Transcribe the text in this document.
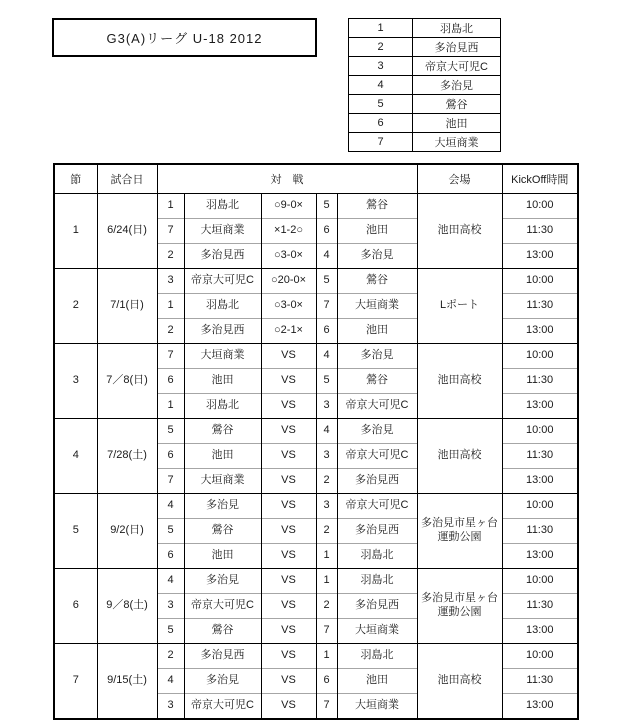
G3(A)リーグ U-18 2012
1	羽島北
2	多治見西
3	帝京大可児C
4	多治見
5	鶯谷
6	池田
7	大垣商業
節	試合日	対　戦					会場	KickOff時間
1	6/24(日)	1	羽島北	○9-0×	5	鶯谷	池田高校	10:00
		7	大垣商業	×1-2○	6	池田		11:30
		2	多治見西	○3-0×	4	多治見		13:00
2	7/1(日)	3	帝京大可児C	○20-0×	5	鶯谷	Lポート	10:00
		1	羽島北	○3-0×	7	大垣商業		11:30
		2	多治見西	○2-1×	6	池田		13:00
3	7／8(日)	7	大垣商業	VS	4	多治見	池田高校	10:00
		6	池田	VS	5	鶯谷		11:30
		1	羽島北	VS	3	帝京大可児C		13:00
4	7/28(土)	5	鶯谷	VS	4	多治見	池田高校	10:00
		6	池田	VS	3	帝京大可児C		11:30
		7	大垣商業	VS	2	多治見西		13:00
5	9/2(日)	4	多治見	VS	3	帝京大可児C	多治見市星ヶ台運動公園	10:00
		5	鶯谷	VS	2	多治見西		11:30
		6	池田	VS	1	羽島北		13:00
6	9／8(土)	4	多治見	VS	1	羽島北	多治見市星ヶ台運動公園	10:00
		3	帝京大可児C	VS	2	多治見西		11:30
		5	鶯谷	VS	7	大垣商業		13:00
7	9/15(土)	2	多治見西	VS	1	羽島北	池田高校	10:00
		4	多治見	VS	6	池田		11:30
		3	帝京大可児C	VS	7	大垣商業		13:00
